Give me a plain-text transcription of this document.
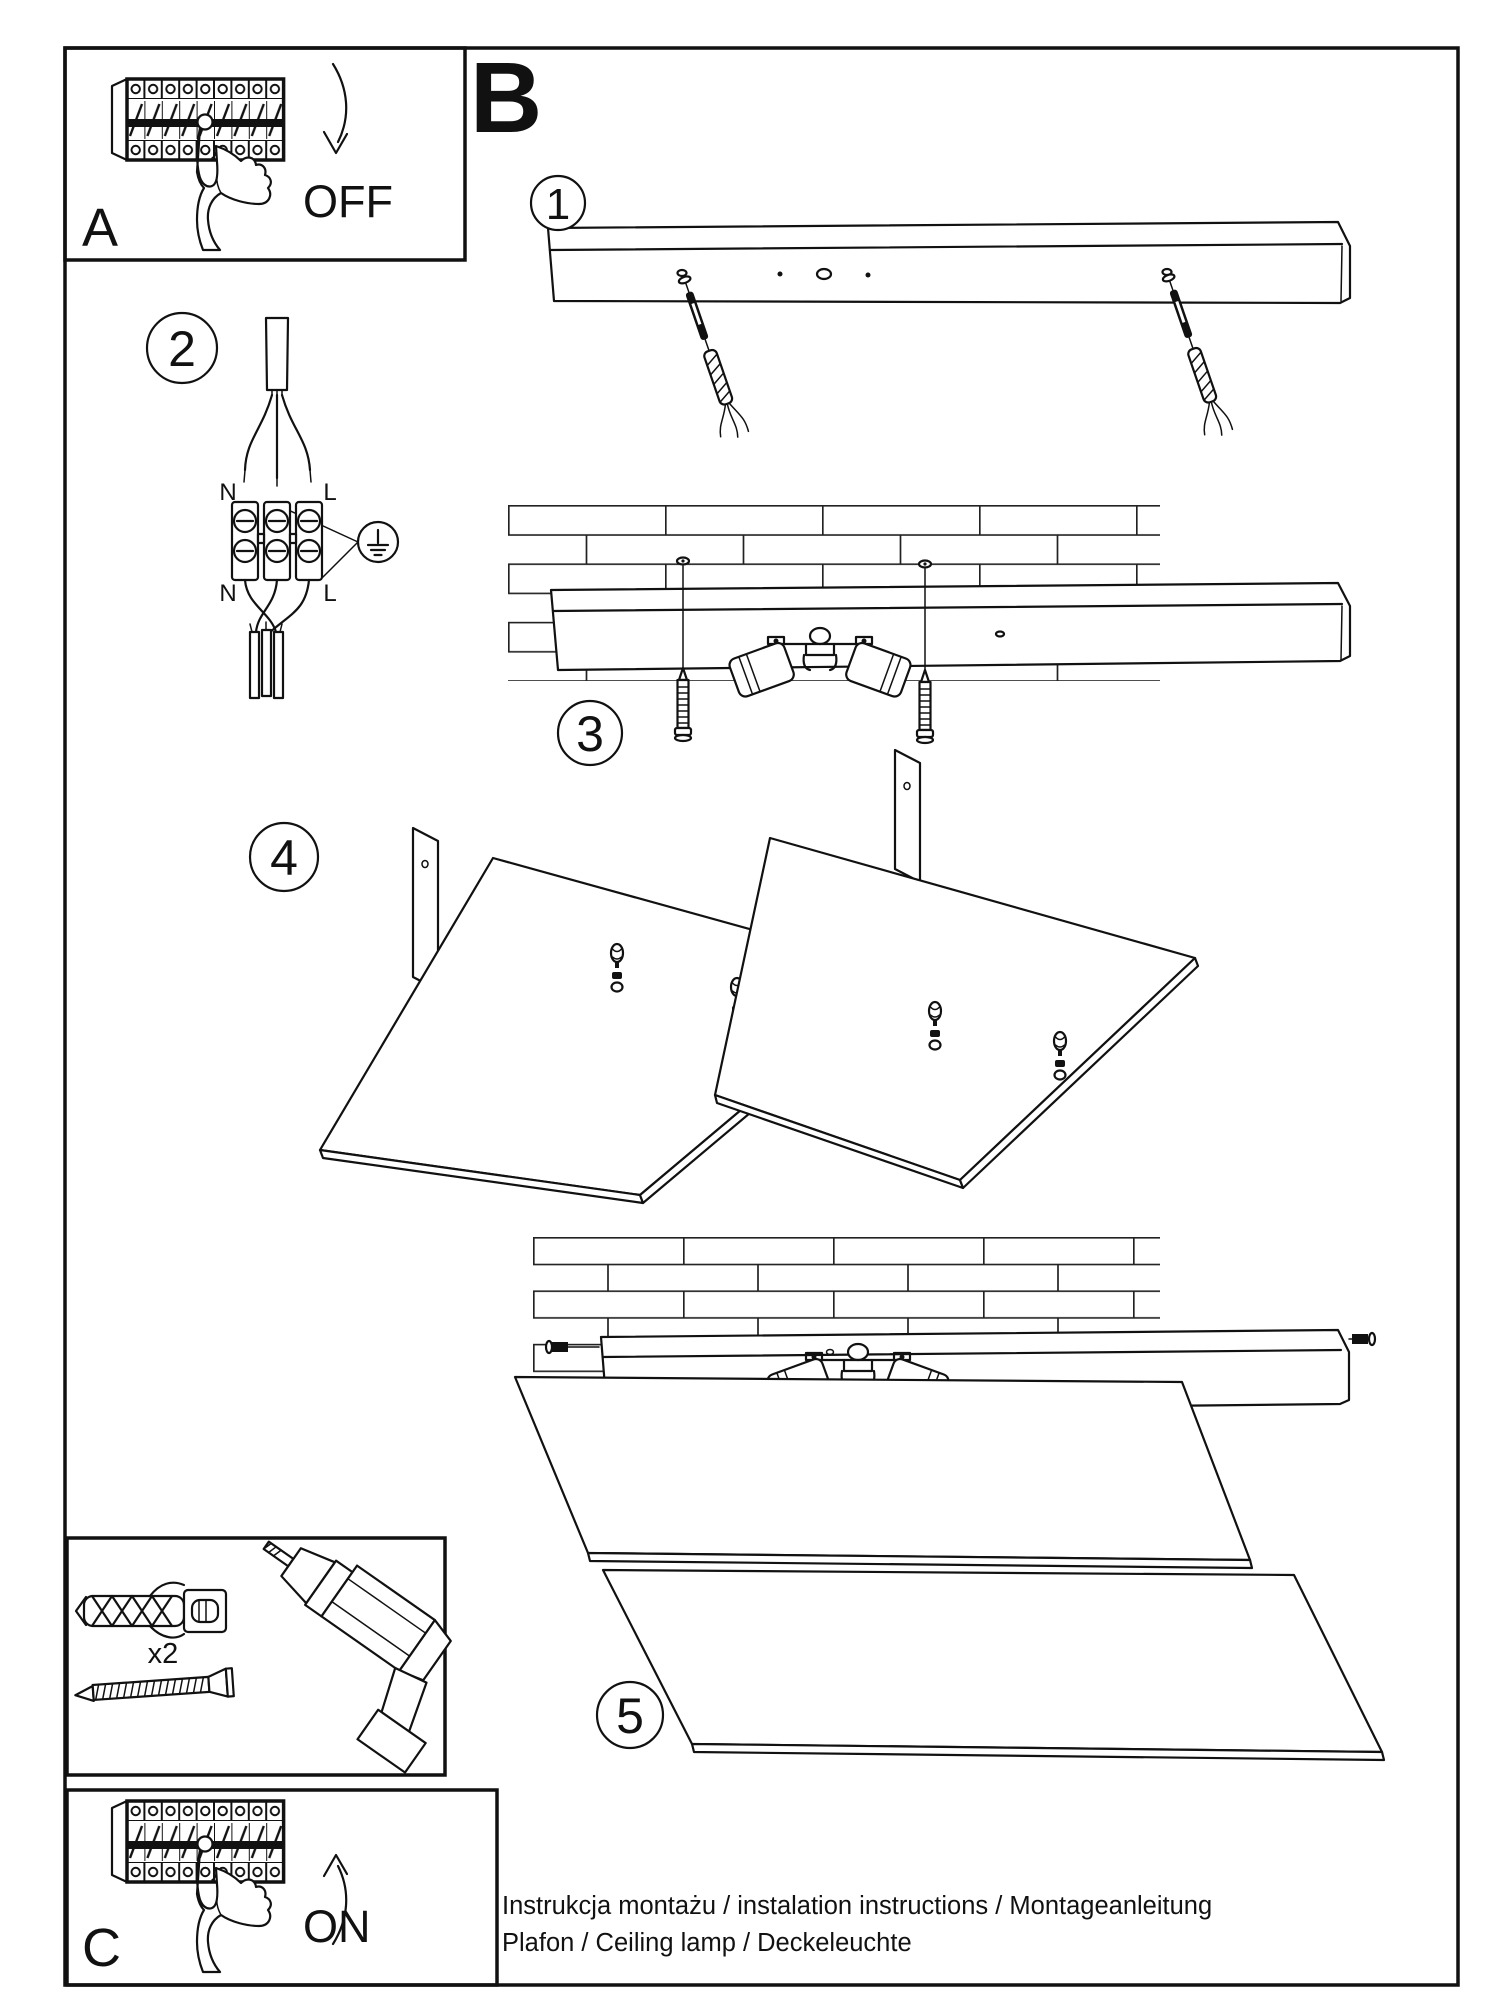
A	OFF
B
N	L
N	L
2
1
3
4
5
x2
C	ON	Instrukcja montażu / instalation instructions / Montageanleitung
Plafon / Ceiling lamp / Deckeleuchte
